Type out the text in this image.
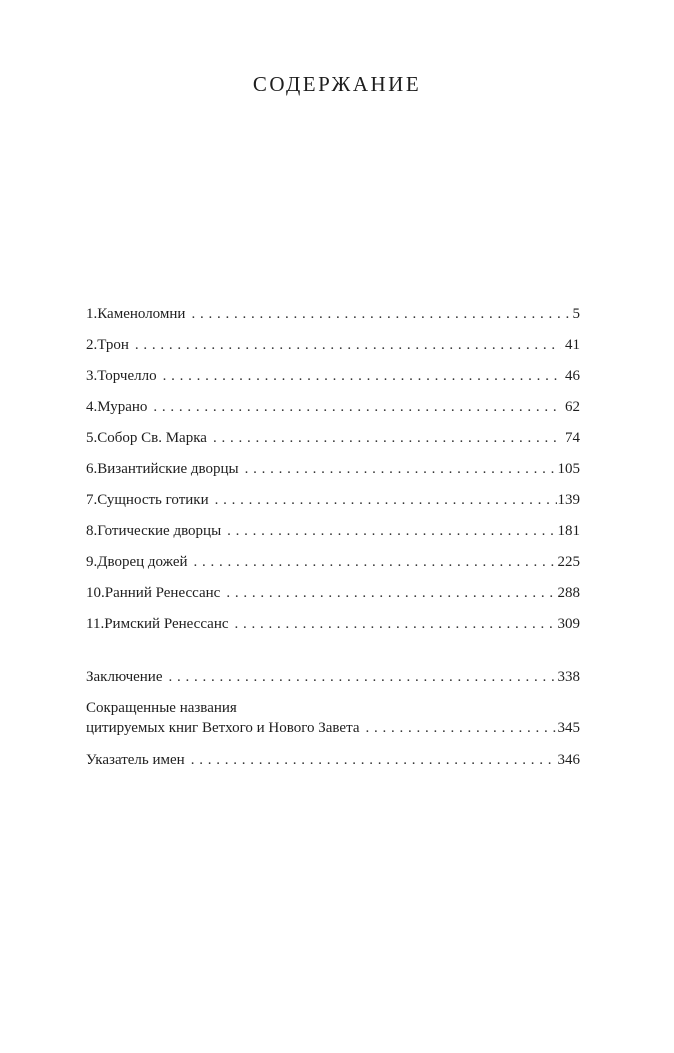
СОДЕРЖАНИЕ
1. Каменоломни . . .	5
2. Трон . . .	41
3. Торчелло . . .	46
4. Мурано . . .	62
5. Собор Св. Марка . . .	74
6. Византийские дворцы . . .	105
7. Сущность готики . . .	139
8. Готические дворцы . . .	181
9. Дворец дожей . . .	225
10. Ранний Ренессанс . . .	288
11. Римский Ренессанс . . .	309
Заключение . . .	338
Сокращенные названия
цитируемых книг Ветхого и Нового Завета . . .	345
Указатель имен . . .	346
